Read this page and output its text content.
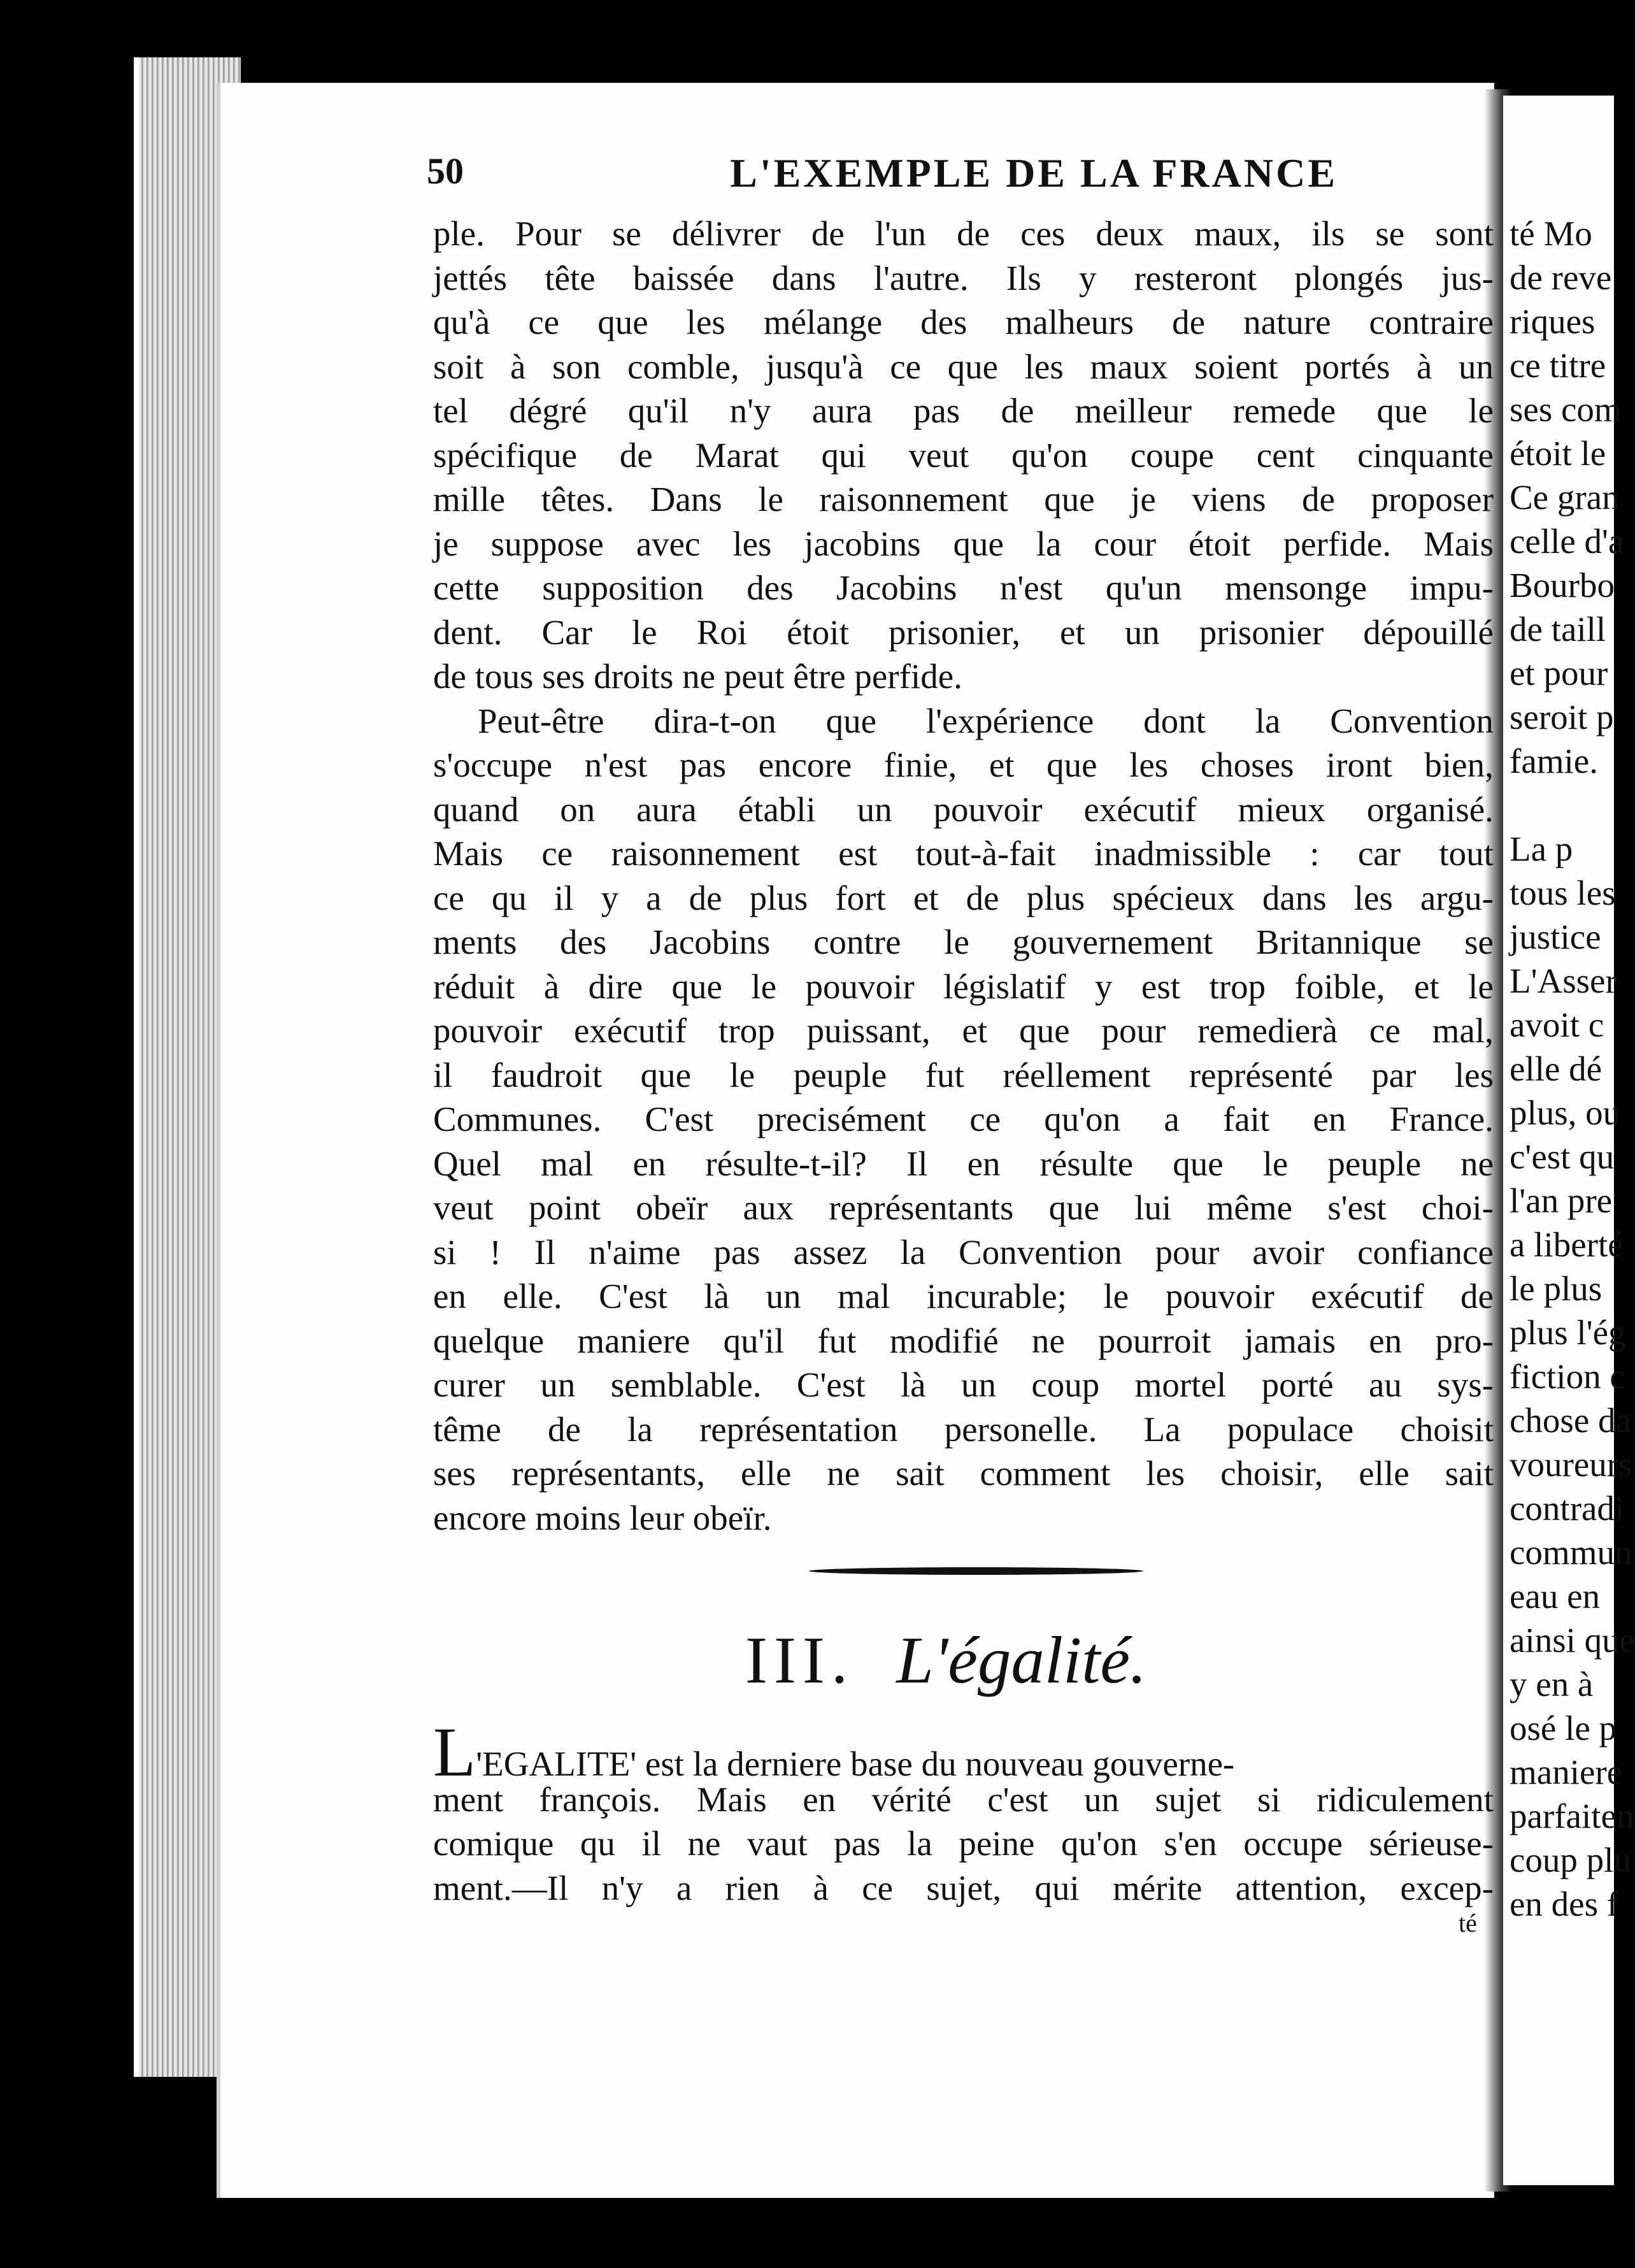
té Mo
de reve
riques
ce titre
ses com
étoit le
Ce gran
celle d'a
Bourbo
de taill
et pour
seroit p
famie.
La p
tous les
justice
L'Asser
avoit c
elle dé
plus, ou
c'est qu
l'an pre
a liberté
le plus
plus l'ég
fiction c
chose da
voureurs
contradi
commun
eau en
ainsi que
y en à
osé le p
maniere
parfaiten
coup plu
en des f
50	L'EXEMPLE DE LA FRANCE
ple. Pour se délivrer de l'un de ces deux maux, ils se sont
jettés tête baissée dans l'autre. Ils y resteront plongés jus-
qu'à ce que les mélange des malheurs de nature contraire
soit à son comble, jusqu'à ce que les maux soient portés à un
tel dégré qu'il n'y aura pas de meilleur remede que le
spécifique de Marat qui veut qu'on coupe cent cinquante
mille têtes. Dans le raisonnement que je viens de proposer
je suppose avec les jacobins que la cour étoit perfide. Mais
cette supposition des Jacobins n'est qu'un mensonge impu-
dent. Car le Roi étoit prisonier, et un prisonier dépouillé
de tous ses droits ne peut être perfide.
Peut-être dira-t-on que l'expérience dont la Convention
s'occupe n'est pas encore finie, et que les choses iront bien,
quand on aura établi un pouvoir exécutif mieux organisé.
Mais ce raisonnement est tout-à-fait inadmissible : car tout
ce qu il y a de plus fort et de plus spécieux dans les argu-
ments des Jacobins contre le gouvernement Britannique se
réduit à dire que le pouvoir législatif y est trop foible, et le
pouvoir exécutif trop puissant, et que pour remedierà ce mal,
il faudroit que le peuple fut réellement représenté par les
Communes. C'est precisément ce qu'on a fait en France.
Quel mal en résulte-t-il? Il en résulte que le peuple ne
veut point obeïr aux représentants que lui même s'est choi-
si ! Il n'aime pas assez la Convention pour avoir confiance
en elle. C'est là un mal incurable; le pouvoir exécutif de
quelque maniere qu'il fut modifié ne pourroit jamais en pro-
curer un semblable. C'est là un coup mortel porté au sys-
tême de la représentation personelle. La populace choisit
ses représentants, elle ne sait comment les choisir, elle sait
encore moins leur obeïr.
III. L'égalité.
L'EGALITE' est la derniere base du nouveau gouverne-
ment françois. Mais en vérité c'est un sujet si ridiculement
comique qu il ne vaut pas la peine qu'on s'en occupe sérieuse-
ment.—Il n'y a rien à ce sujet, qui mérite attention, excep-
té
